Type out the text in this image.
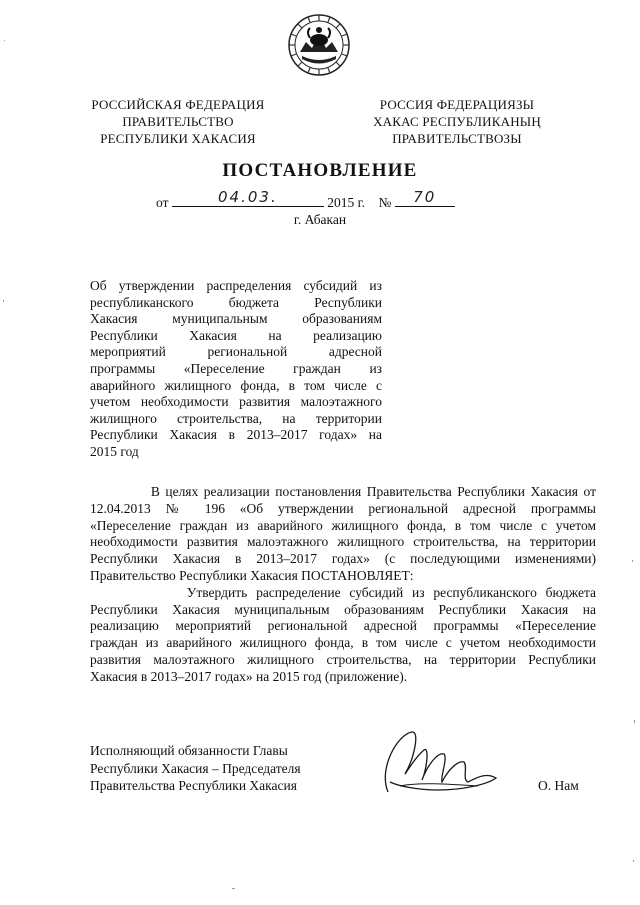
РОССИЙСКАЯ ФЕДЕРАЦИЯ
ПРАВИТЕЛЬСТВО
РЕСПУБЛИКИ ХАКАСИЯ
РОССИЯ ФЕДЕРАЦИЯЗЫ
ХАКАС РЕСПУБЛИКАНЫҢ
ПРАВИТЕЛЬСТВОЗЫ
ПОСТАНОВЛЕНИЕ
от	04.03.	2015 г. №	70
г. Абакан
Об утверждении распределения субсидий из
республиканского бюджета Республики
Хакасия муниципальным образованиям
Республики Хакасия на реализацию
мероприятий региональной адресной
программы «Переселение граждан из
аварийного жилищного фонда, в том числе с
учетом необходимости развития малоэтажного
жилищного строительства, на территории
Республики Хакасия в 2013–2017 годах» на
2015 год
В целях реализации постановления Правительства Республики Хакасия от
12.04.2013 № 196 «Об утверждении региональной адресной программы
«Переселение граждан из аварийного жилищного фонда, в том числе с учетом
необходимости развития малоэтажного жилищного строительства, на территории
Республики Хакасия в 2013–2017 годах» (с последующими изменениями)
Правительство Республики Хакасия ПОСТАНОВЛЯЕТ:
Утвердить распределение субсидий из республиканского бюджета
Республики Хакасия муниципальным образованиям Республики Хакасия на
реализацию мероприятий региональной адресной программы «Переселение
граждан из аварийного жилищного фонда, в том числе с учетом необходимости
развития малоэтажного жилищного строительства, на территории Республики
Хакасия в 2013–2017 годах» на 2015 год (приложение).
Исполняющий обязанности Главы
Республики Хакасия – Председателя
Правительства Республики Хакасия	О. Нам
